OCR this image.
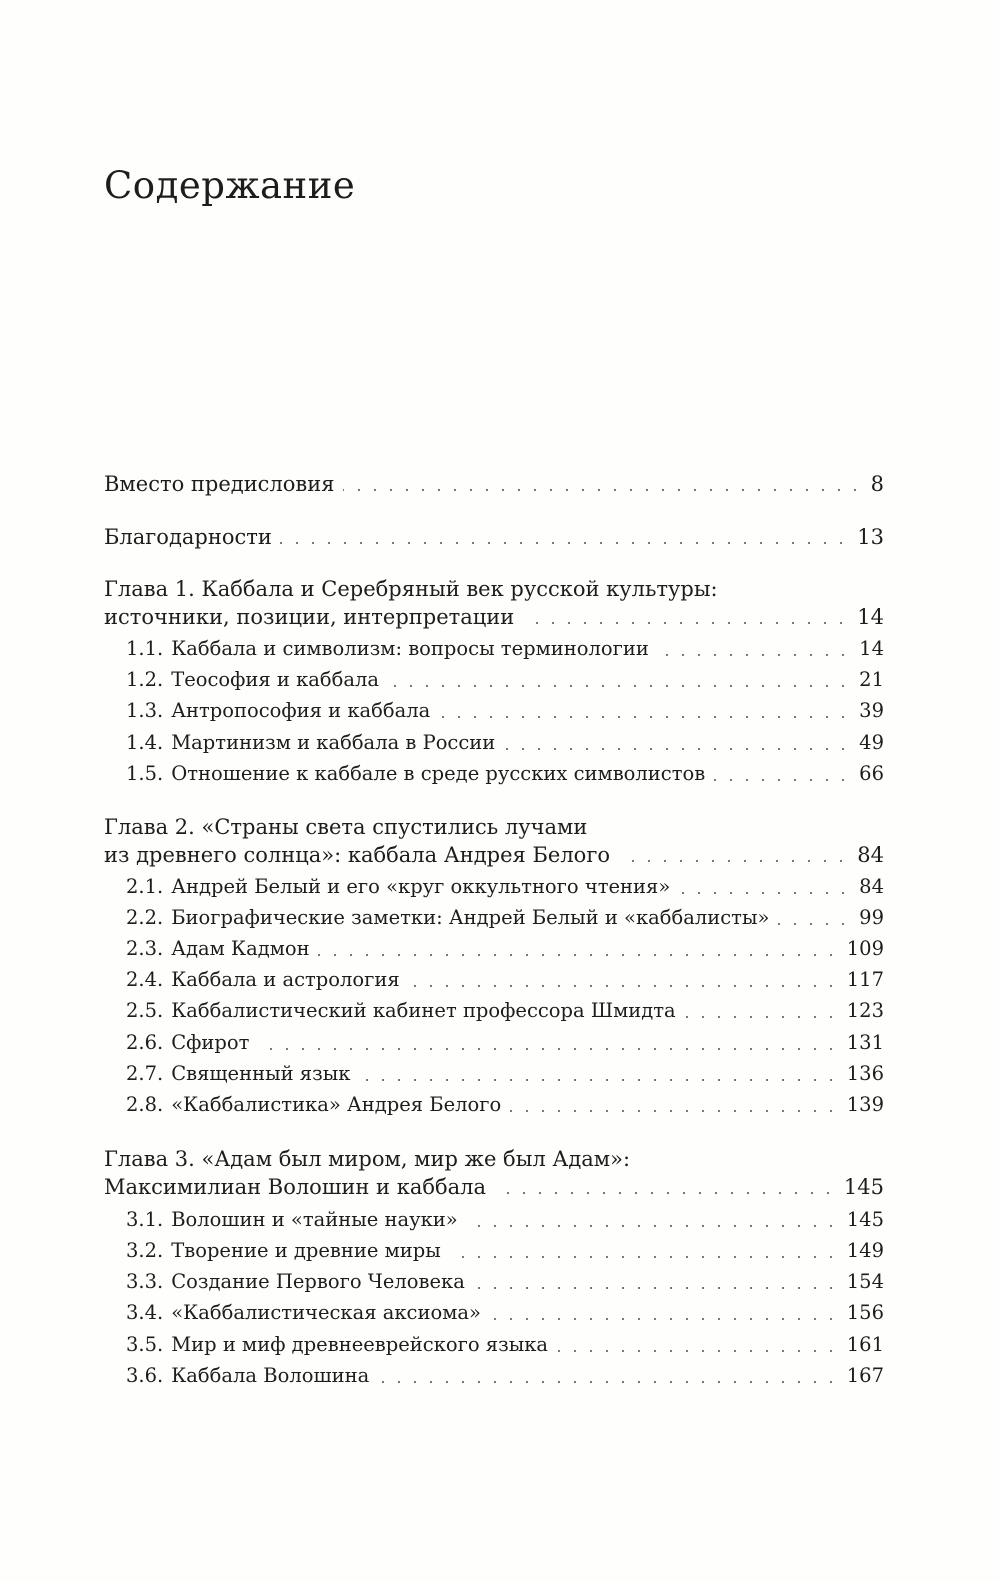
Содержание
Вместо предисловия	8
Благодарности	13
Глава 1. Каббала и Серебряный век русской культуры:
источники, позиции, интерпретации	14
1.1. Каббала и символизм: вопросы терминологии	14
1.2. Теософия и каббала	21
1.3. Антропософия и каббала	39
1.4. Мартинизм и каббала в России	49
1.5. Отношение к каббале в среде русских символистов	66
Глава 2. «Страны света спустились лучами
из древнего солнца»: каббала Андрея Белого	84
2.1. Андрей Белый и его «круг оккультного чтения»	84
2.2. Биографические заметки: Андрей Белый и «каббалисты»	99
2.3. Адам Кадмон	109
2.4. Каббала и астрология	117
2.5. Каббалистический кабинет профессора Шмидта	123
2.6. Сфирот	131
2.7. Священный язык	136
2.8. «Каббалистика» Андрея Белого	139
Глава 3. «Адам был миром, мир же был Адам»:
Максимилиан Волошин и каббала	145
3.1. Волошин и «тайные науки»	145
3.2. Творение и древние миры	149
3.3. Создание Первого Человека	154
3.4. «Каббалистическая аксиома»	156
3.5. Мир и миф древнееврейского языка	161
3.6. Каббала Волошина	167
